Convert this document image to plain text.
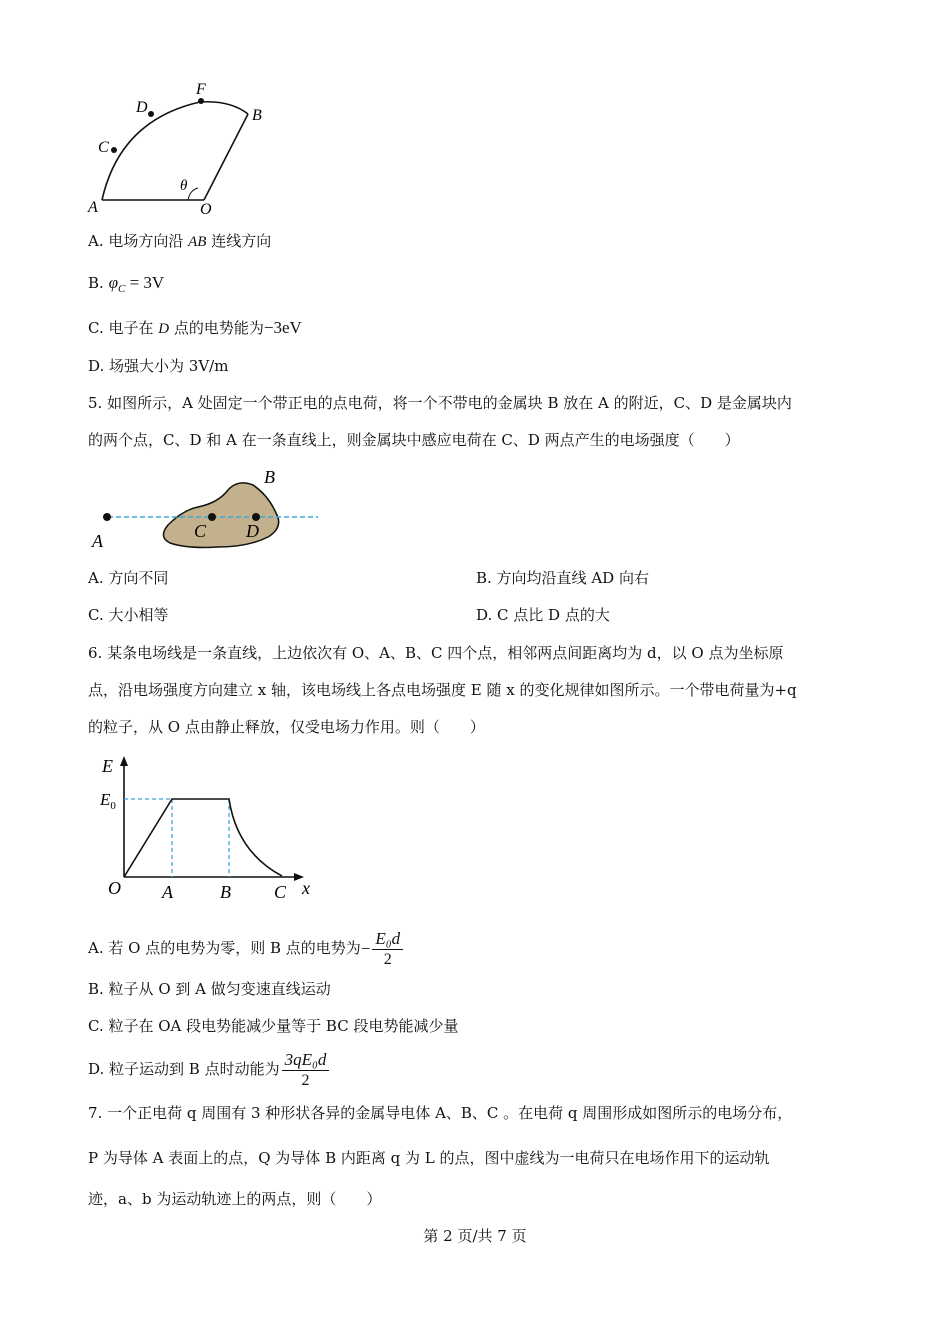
A	O
B
C
D
F
θ
A. 电场方向沿 AB 连线方向
B. $\varphi_C = 3V$
C. 电子在 D 点的电势能为−3eV
D. 场强大小为 3V/m
5. 如图所示，A 处固定一个带正电的点电荷，将一个不带电的金属块 B 放在 A 的附近，C、D 是金属块内
的两个点，C、D 和 A 在一条直线上，则金属块中感应电荷在 C、D 两点产生的电场强度（　　）
A
B
C D
A. 方向不同	B. 方向均沿直线 AD 向右
C. 大小相等	D. C 点比 D 点的大
6. 某条电场线是一条直线，上边依次有 O、A、B、C 四个点，相邻两点间距离均为 d，以 O 点为坐标原
点，沿电场强度方向建立 x 轴，该电场线上各点电场强度 E 随 x 的变化规律如图所示。一个带电荷量为+q
的粒子，从 O 点由静止释放，仅受电场力作用。则（　　）
E
$E_0$
O A	B C x
A. 若 O 点的电势为零，则 B 点的电势为− $\frac{\text{E₀d}}{2}$
B. 粒子从 O 到 A 做匀变速直线运动
C. 粒子在 OA 段电势能减少量等于 BC 段电势能减少量
D. 粒子运动到 B 点时动能为 $\frac{\text{3qE₀d}}{2}$
7. 一个正电荷 q 周围有 3 种形状各异的金属导电体 A、B、C 。在电荷 q 周围形成如图所示的电场分布，
P 为导体 A 表面上的点，Q 为导体 B 内距离 q 为 L 的点，图中虚线为一电荷只在电场作用下的运动轨
迹，a、b 为运动轨迹上的两点，则（　　）
第 2 页/共 7 页
